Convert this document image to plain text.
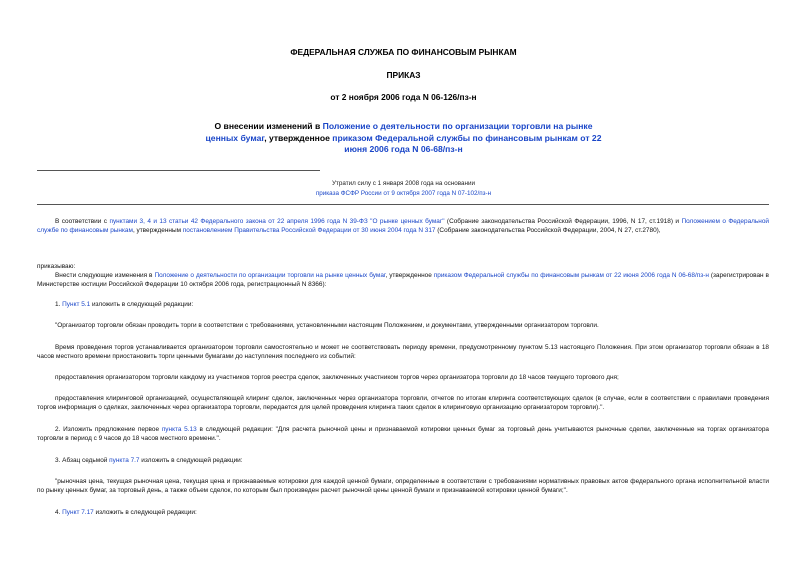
ФЕДЕРАЛЬНАЯ СЛУЖБА ПО ФИНАНСОВЫМ РЫНКАМ
ПРИКАЗ
от 2 ноября 2006 года N 06-126/пз-н
О внесении изменений в Положение о деятельности по организации торговли на рынке ценных бумаг, утвержденное приказом Федеральной службы по финансовым рынкам от 22 июня 2006 года N 06-68/пз-н
Утратил силу с 1 января 2008 года на основании
приказа ФСФР России от 9 октября 2007 года N 07-102/пз-н
В соответствии с пунктами 3, 4 и 13 статьи 42 Федерального закона от 22 апреля 1996 года N 39-ФЗ "О рынке ценных бумаг" (Собрание законодательства Российской Федерации, 1996, N 17, ст.1918) и Положением о Федеральной службе по финансовым рынкам, утвержденным постановлением Правительства Российской Федерации от 30 июня 2004 года N 317 (Собрание законодательства Российской Федерации, 2004, N 27, ст.2780),
приказываю:
Внести следующие изменения в Положение о деятельности по организации торговли на рынке ценных бумаг, утвержденное приказом Федеральной службы по финансовым рынкам от 22 июня 2006 года N 06-68/пз-н (зарегистрирован в Министерстве юстиции Российской Федерации 10 октября 2006 года, регистрационный N 8366):
1. Пункт 5.1 изложить в следующей редакции:
"Организатор торговли обязан проводить торги в соответствии с требованиями, установленными настоящим Положением, и документами, утвержденными организатором торговли.
Время проведения торгов устанавливается организатором торговли самостоятельно и может не соответствовать периоду времени, предусмотренному пунктом 5.13 настоящего Положения. При этом организатор торговли обязан в 18 часов местного времени приостановить торги ценными бумагами до наступления последнего из событий:
предоставления организатором торговли каждому из участников торгов реестра сделок, заключенных участником торгов через организатора торговли до 18 часов текущего торгового дня;
предоставления клиринговой организацией, осуществляющей клиринг сделок, заключенных через организатора торговли, отчетов по итогам клиринга соответствующих сделок (в случае, если в соответствии с правилами проведения торгов информация о сделках, заключенных через организатора торговли, передается для целей проведения клиринга таких сделок в клиринговую организацию организатором торговли).".
2. Изложить предложение первое пункта 5.13 в следующей редакции: "Для расчета рыночной цены и признаваемой котировки ценных бумаг за торговый день учитываются рыночные сделки, заключенные на торгах организатора торговли в период с 9 часов до 18 часов местного времени.".
3. Абзац седьмой пункта 7.7 изложить в следующей редакции:
"рыночная цена, текущая рыночная цена, текущая цена и признаваемые котировки для каждой ценной бумаги, определенные в соответствии с требованиями нормативных правовых актов федерального органа исполнительной власти по рынку ценных бумаг, за торговый день, а также объем сделок, по которым был произведен расчет рыночной цены ценной бумаги и признаваемой котировки ценной бумаги;".
4. Пункт 7.17 изложить в следующей редакции:
